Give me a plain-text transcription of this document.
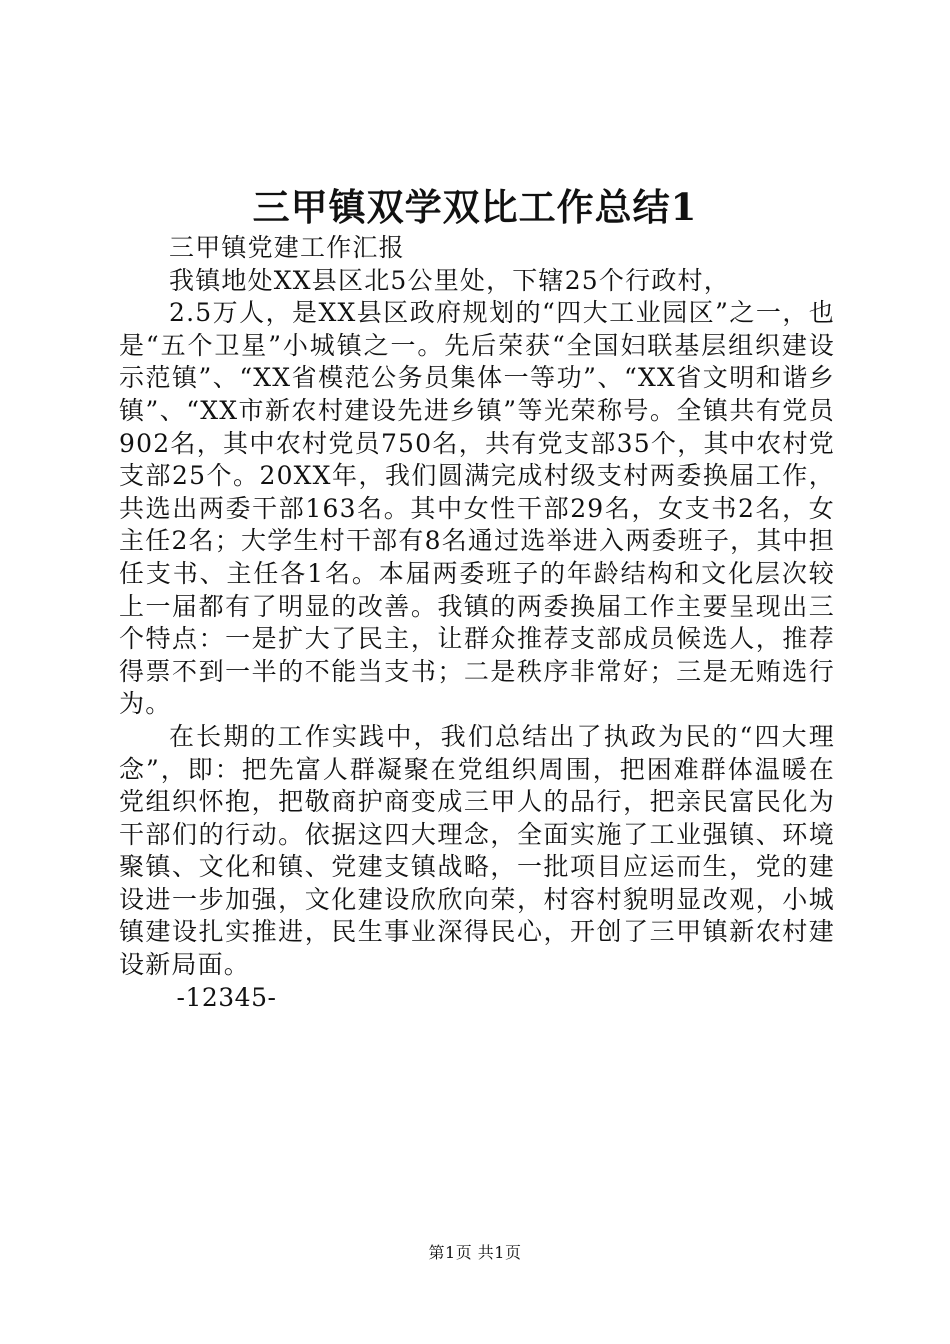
三甲镇双学双比工作总结1

三甲镇党建工作汇报

我镇地处XX县区北5公里处，下辖25个行政村，

2.5万人，是XX县区政府规划的“四大工业园区”之一，也是“五个卫星”小城镇之一。先后荣获“全国妇联基层组织建设示范镇”、“XX省模范公务员集体一等功”、“XX省文明和谐乡镇”、“XX市新农村建设先进乡镇”等光荣称号。全镇共有党员902名，其中农村党员750名，共有党支部35个，其中农村党支部25个。20XX年，我们圆满完成村级支村两委换届工作，共选出两委干部163名。其中女性干部29名，女支书2名，女主任2名；大学生村干部有8名通过选举进入两委班子，其中担任支书、主任各1名。本届两委班子的年龄结构和文化层次较上一届都有了明显的改善。我镇的两委换届工作主要呈现出三个特点：一是扩大了民主，让群众推荐支部成员候选人，推荐得票不到一半的不能当支书；二是秩序非常好；三是无贿选行为。

在长期的工作实践中，我们总结出了执政为民的“四大理念”，即：把先富人群凝聚在党组织周围，把困难群体温暖在党组织怀抱，把敬商护商变成三甲人的品行，把亲民富民化为干部们的行动。依据这四大理念，全面实施了工业强镇、环境聚镇、文化和镇、党建支镇战略，一批项目应运而生，党的建设进一步加强，文化建设欣欣向荣，村容村貌明显改观，小城镇建设扎实推进，民生事业深得民心，开创了三甲镇新农村建设新局面。

-12345-

第1页 共1页
